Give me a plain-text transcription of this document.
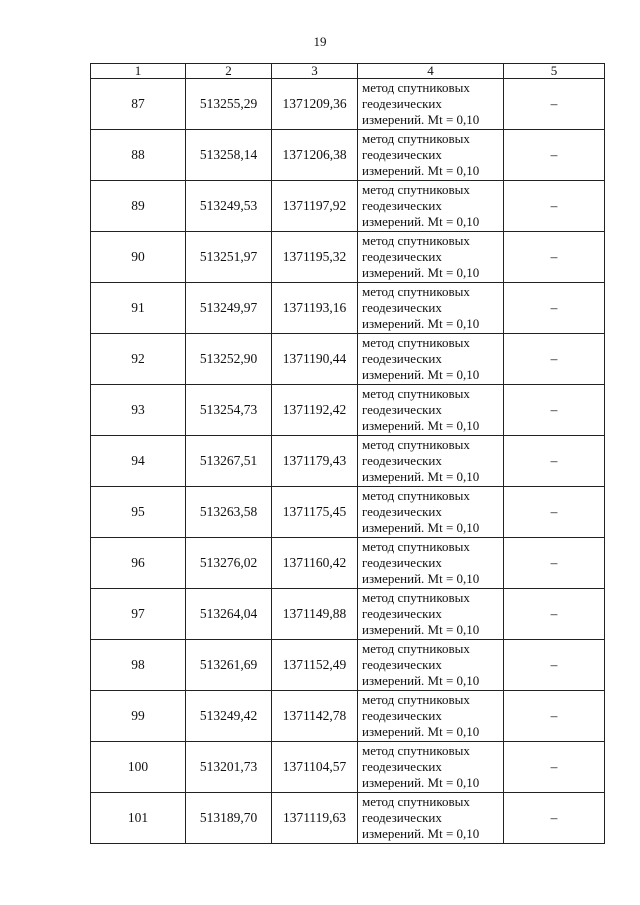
19
1	2	3	4	5
87	513255,29	1371209,36	метод спутниковых
геодезических
измерений. Mt = 0,10	–
88	513258,14	1371206,38	метод спутниковых
геодезических
измерений. Mt = 0,10	–
89	513249,53	1371197,92	метод спутниковых
геодезических
измерений. Mt = 0,10	–
90	513251,97	1371195,32	метод спутниковых
геодезических
измерений. Mt = 0,10	–
91	513249,97	1371193,16	метод спутниковых
геодезических
измерений. Mt = 0,10	–
92	513252,90	1371190,44	метод спутниковых
геодезических
измерений. Mt = 0,10	–
93	513254,73	1371192,42	метод спутниковых
геодезических
измерений. Mt = 0,10	–
94	513267,51	1371179,43	метод спутниковых
геодезических
измерений. Mt = 0,10	–
95	513263,58	1371175,45	метод спутниковых
геодезических
измерений. Mt = 0,10	–
96	513276,02	1371160,42	метод спутниковых
геодезических
измерений. Mt = 0,10	–
97	513264,04	1371149,88	метод спутниковых
геодезических
измерений. Mt = 0,10	–
98	513261,69	1371152,49	метод спутниковых
геодезических
измерений. Mt = 0,10	–
99	513249,42	1371142,78	метод спутниковых
геодезических
измерений. Mt = 0,10	–
100	513201,73	1371104,57	метод спутниковых
геодезических
измерений. Mt = 0,10	–
101	513189,70	1371119,63	метод спутниковых
геодезических
измерений. Mt = 0,10	–
